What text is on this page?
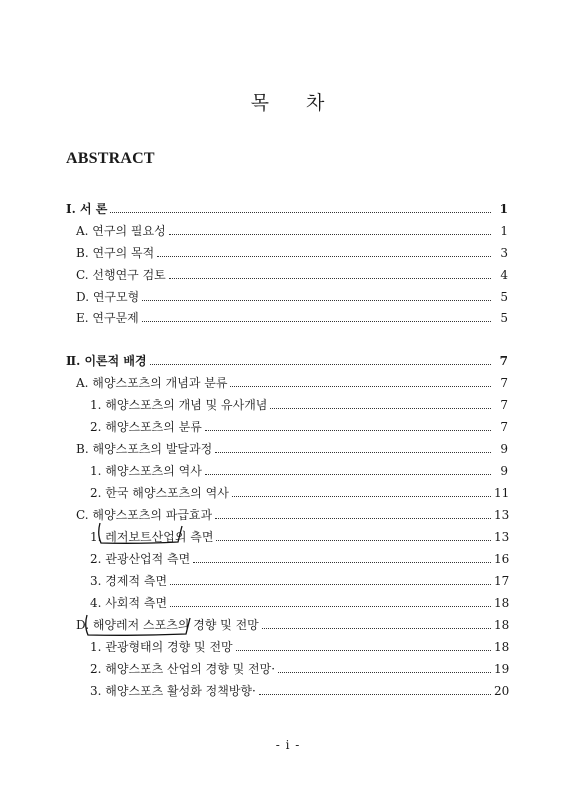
목 차
ABSTRACT
I. 서 론	1
A. 연구의 필요성	1
B. 연구의 목적	3
C. 선행연구 검토	4
D. 연구모형	5
E. 연구문제	5
Ⅱ. 이론적 배경	7
A. 해양스포츠의 개념과 분류	7
1. 해양스포츠의 개념 및 유사개념	7
2. 해양스포츠의 분류	7
B. 해양스포츠의 발달과정	9
1. 해양스포츠의 역사	9
2. 한국 해양스포츠의 역사	11
C. 해양스포츠의 파급효과	13
1. 레저보트산업의 측면	13
2. 관광산업적 측면	16
3. 경제적 측면	17
4. 사회적 측면	18
D. 해양레저 스포츠의 경향 및 전망	18
1. 관광형태의 경향 및 전망	18
2. 해양스포츠 산업의 경향 및 전망·	19
3. 해양스포츠 활성화 정책방향·	20
- i -
